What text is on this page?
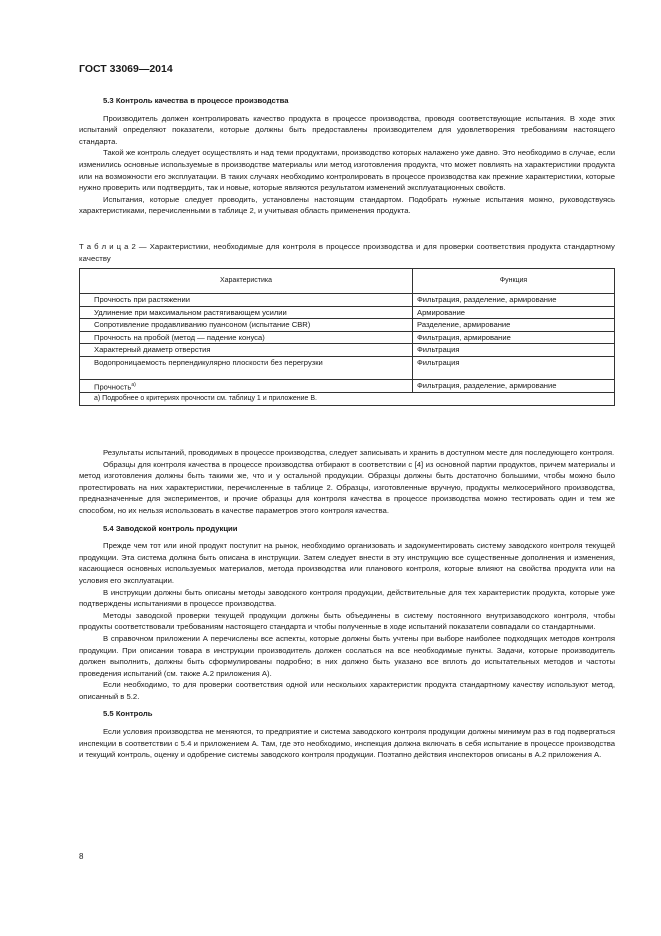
ГОСТ 33069—2014
5.3 Контроль качества в процессе производства

Производитель должен контролировать качество продукта в процессе производства, проводя соответствующие испытания. В ходе этих испытаний определяют показатели, которые должны быть предоставлены производителем для удовлетворения требованиям настоящего стандарта.

Такой же контроль следует осуществлять и над теми продуктами, производство которых налажено уже давно. Это необходимо в случае, если изменились основные используемые в производстве материалы или метод изготовления продукта, что может повлиять на характеристики продукта или на возможности его эксплуатации. В таких случаях необходимо контролировать в процессе производства как прежние характеристики, которые нужно проверить или подтвердить, так и новые, которые являются результатом изменений эксплуатационных свойств.

Испытания, которые следует проводить, установлены настоящим стандартом. Подобрать нужные испытания можно, руководствуясь характеристиками, перечисленными в таблице 2, и учитывая область применения продукта.

Т а б л и ц а 2 — Характеристики, необходимые для контроля в процессе производства и для проверки соответствия продукта стандартному качеству

Характеристика	Функция
Прочность при растяжении	Фильтрация, разделение, армирование
Удлинение при максимальном растягивающем усилии	Армирование
Сопротивление продавливанию пуансоном (испытание CBR)	Разделение, армирование
Прочность на пробой (метод — падение конуса)	Фильтрация, армирование
Характерный диаметр отверстия	Фильтрация
Водопроницаемость перпендикулярно плоскости без перегрузки	Фильтрация
Прочность$^{а)}$	Фильтрация, разделение, армирование
а) Подробнее о критериях прочности см. таблицу 1 и приложение В.	

Результаты испытаний, проводимых в процессе производства, следует записывать и хранить в доступном месте для последующего контроля.

Образцы для контроля качества в процессе производства отбирают в соответствии с [4] из основной партии продуктов, причем материалы и метод изготовления должны быть такими же, что и у остальной продукции. Образцы должны быть достаточно большими, чтобы можно было протестировать на них характеристики, перечисленные в таблице 2. Образцы, изготовленные вручную, продукты мелкосерийного производства, предназначенные для экспериментов, и прочие образцы для контроля качества в процессе производства можно тестировать один и тем же способом, но их нельзя использовать в качестве параметров этого контроля качества.

5.4 Заводской контроль продукции

Прежде чем тот или иной продукт поступит на рынок, необходимо организовать и задокументировать систему заводского контроля текущей продукции. Эта система должна быть описана в инструкции. Затем следует внести в эту инструкцию все существенные дополнения и изменения, касающиеся основных используемых материалов, метода производства или планового контроля, которые влияют на свойства продукта или на условия его эксплуатации.

В инструкции должны быть описаны методы заводского контроля продукции, действительные для тех характеристик продукта, которые уже подтверждены испытаниями в процессе производства.

Методы заводской проверки текущей продукции должны быть объединены в систему постоянного внутризаводского контроля, чтобы продукты соответствовали требованиям настоящего стандарта и чтобы полученные в ходе испытаний показатели совпадали со стандартными.

В справочном приложении А перечислены все аспекты, которые должны быть учтены при выборе наиболее подходящих методов контроля продукции. При описании товара в инструкции производитель должен сослаться на все необходимые пункты. Задачи, которые производитель должен выполнить, должны быть сформулированы подробно; в них должно быть указано все вплоть до испытательных методов и частоты проведения испытаний (см. также А.2 приложения А).

Если необходимо, то для проверки соответствия одной или нескольких характеристик продукта стандартному качеству используют метод, описанный в 5.2.

5.5 Контроль

Если условия производства не меняются, то предприятие и система заводского контроля продукции должны минимум раз в год подвергаться инспекции в соответствии с 5.4 и приложением А. Там, где это необходимо, инспекция должна включать в себя испытание в процессе производства и текущий контроль, оценку и одобрение системы заводского контроля продукции. Поэтапно действия инспекторов описаны в А.2 приложения А.

8
